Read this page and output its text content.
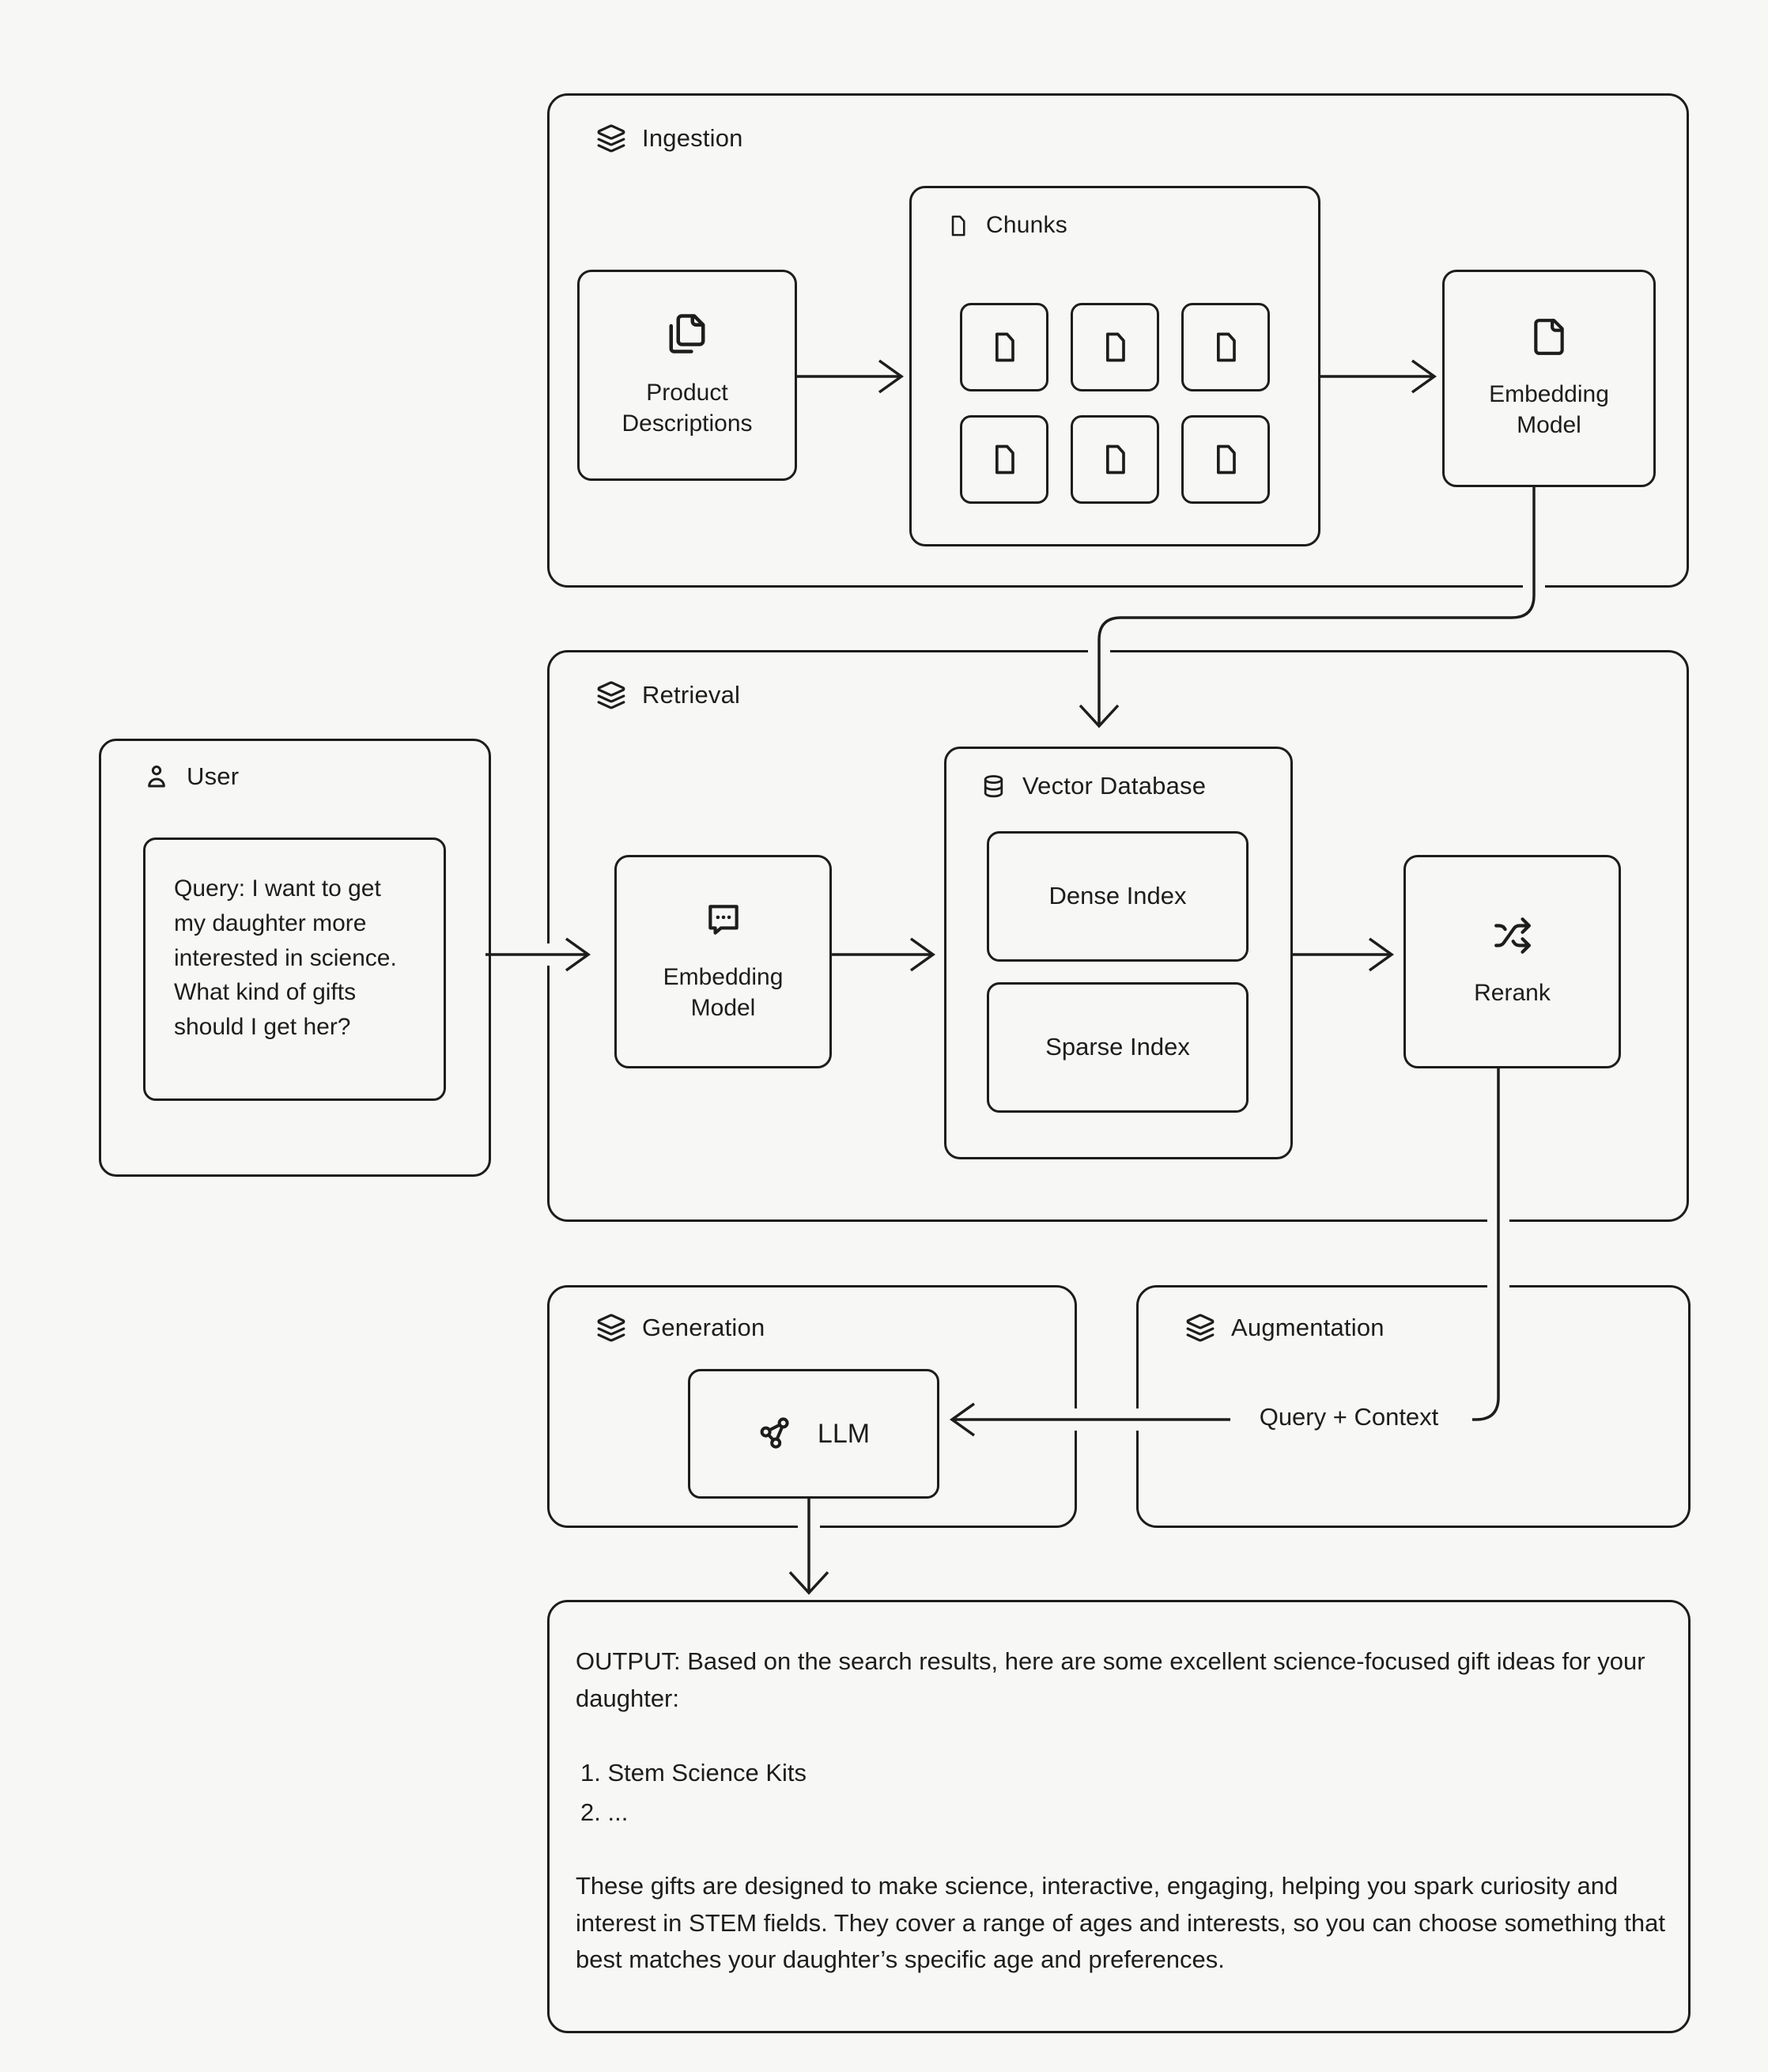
Ingestion
Retrieval
User
Generation	Augmentation
Product Descriptions
Chunks
Embedding Model
Query: I want to get my daughter more interested in science. What kind of gifts should I get her?
Embedding Model
Vector Database
Dense Index
Sparse Index
Rerank
LLM
Query + Context

OUTPUT: Based on the search results, here are some excellent science-focused gift ideas for your daughter:

1. Stem Science Kits
2. ...

These gifts are designed to make science, interactive, engaging, helping you spark curiosity and interest in STEM fields. They cover a range of ages and interests, so you can choose something that best matches your daughter’s specific age and preferences.
